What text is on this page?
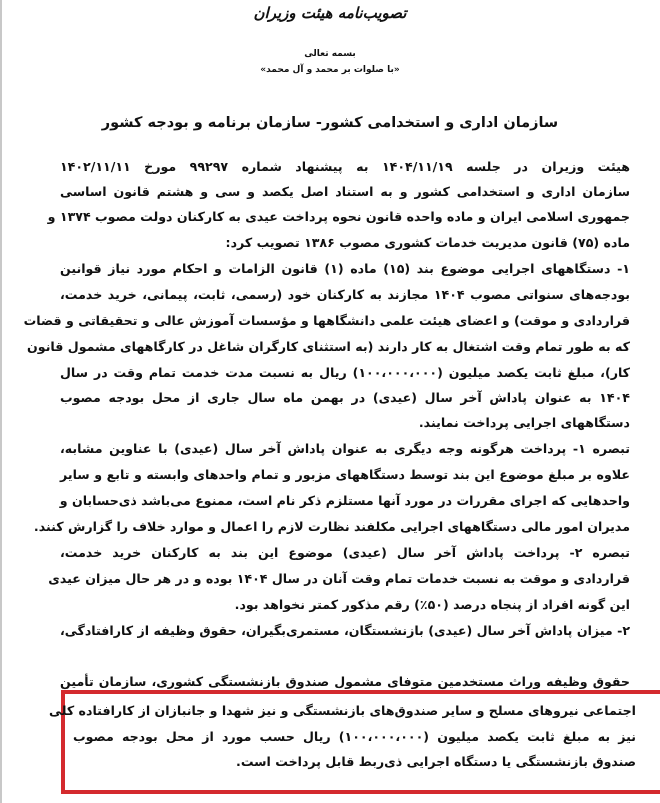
تصویب‌نامه هیئت وزیران
بسمه تعالی
«با صلوات بر محمد و آل محمد»
سازمان اداری و استخدامی کشور- سازمان برنامه و بودجه کشور
هیئت وزیران در جلسه ۱۴۰۴/۱۱/۱۹ به پیشنهاد شماره ۹۹۲۹۷ مورخ ۱۴۰۲/۱۱/۱۱
سازمان اداری و استخدامی کشور و به استناد اصل یکصد و سی و هشتم قانون اساسی
جمهوری اسلامی ایران و ماده واحده قانون نحوه پرداخت عیدی به کارکنان دولت مصوب ۱۳۷۴ و
ماده (۷۵) قانون مدیریت خدمات کشوری مصوب ۱۳۸۶ تصویب کرد:
۱- دستگاههای اجرایی موضوع بند (۱۵) ماده (۱) قانون الزامات و احکام مورد نیاز قوانین
بودجه‌های سنواتی مصوب ۱۴۰۴ مجازند به کارکنان خود (رسمی، ثابت، پیمانی، خرید خدمت،
قراردادی و موقت) و اعضای هیئت علمی دانشگاهها و مؤسسات آموزش عالی و تحقیقاتی و قضات
که به طور تمام وقت اشتغال به کار دارند (به استثنای کارگران شاغل در کارگاههای مشمول قانون
کار)، مبلغ ثابت یکصد میلیون (۱۰۰،۰۰۰،۰۰۰) ریال به نسبت مدت خدمت تمام وقت در سال
۱۴۰۴ به عنوان پاداش آخر سال (عیدی) در بهمن ماه سال جاری از محل بودجه مصوب
دستگاههای اجرایی پرداخت نمایند.
تبصره ۱- پرداخت هرگونه وجه دیگری به عنوان پاداش آخر سال (عیدی) با عناوین مشابه،
علاوه بر مبلغ موضوع این بند توسط دستگاههای مزبور و تمام واحدهای وابسته و تابع و سایر
واحدهایی که اجرای مقررات در مورد آنها مستلزم ذکر نام است، ممنوع می‌باشد ذی‌حسابان و
مدیران امور مالی دستگاههای اجرایی مکلفند نظارت لازم را اعمال و موارد خلاف را گزارش کنند.
تبصره ۲- پرداخت پاداش آخر سال (عیدی) موضوع این بند به کارکنان خرید خدمت،
قراردادی و موقت به نسبت خدمات تمام وقت آنان در سال ۱۴۰۴ بوده و در هر حال میزان عیدی
این گونه افراد از پنجاه درصد (۵۰٪) رقم مذکور کمتر نخواهد بود.
۲- میزان پاداش آخر سال (عیدی) بازنشستگان، مستمری‌بگیران، حقوق وظیفه از کارافتادگی،
حقوق وظیفه وراث مستخدمین متوفای مشمول صندوق بازنشستگی کشوری، سازمان تأمین
اجتماعی نیروهای مسلح و سایر صندوق‌های بازنشستگی و نیز شهدا و جانبازان از کارافتاده کلی
نیز به مبلغ ثابت یکصد میلیون (۱۰۰،۰۰۰،۰۰۰) ریال حسب مورد از محل بودجه مصوب
صندوق بازنشستگی یا دستگاه اجرایی ذی‌ربط قابل پرداخت است.
